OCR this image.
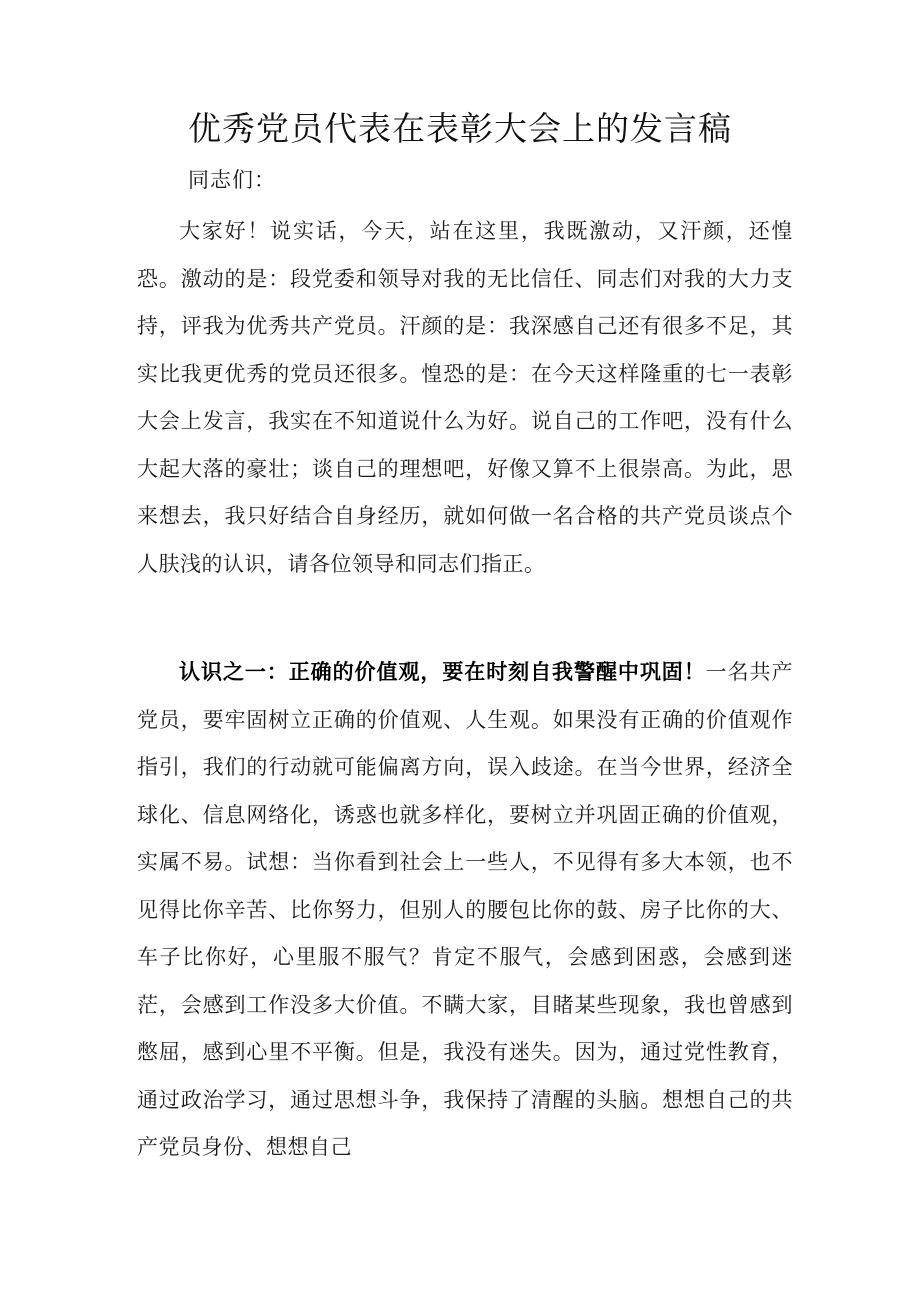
优秀党员代表在表彰大会上的发言稿

同志们：

大家好！说实话，今天，站在这里，我既激动，又汗颜，还惶恐。激动的是：段党委和领导对我的无比信任、同志们对我的大力支持，评我为优秀共产党员。汗颜的是：我深感自己还有很多不足，其实比我更优秀的党员还很多。惶恐的是：在今天这样隆重的七一表彰大会上发言，我实在不知道说什么为好。说自己的工作吧，没有什么大起大落的豪壮；谈自己的理想吧，好像又算不上很崇高。为此，思来想去，我只好结合自身经历，就如何做一名合格的共产党员谈点个人肤浅的认识，请各位领导和同志们指正。

认识之一：正确的价值观，要在时刻自我警醒中巩固！一名共产党员，要牢固树立正确的价值观、人生观。如果没有正确的价值观作指引，我们的行动就可能偏离方向，误入歧途。在当今世界，经济全球化、信息网络化，诱惑也就多样化，要树立并巩固正确的价值观，实属不易。试想：当你看到社会上一些人，不见得有多大本领，也不见得比你辛苦、比你努力，但别人的腰包比你的鼓、房子比你的大、车子比你好，心里服不服气？肯定不服气，会感到困惑，会感到迷茫，会感到工作没多大价值。不瞒大家，目睹某些现象，我也曾感到憋屈，感到心里不平衡。但是，我没有迷失。因为，通过党性教育，通过政治学习，通过思想斗争，我保持了清醒的头脑。想想自己的共产党员身份、想想自己
